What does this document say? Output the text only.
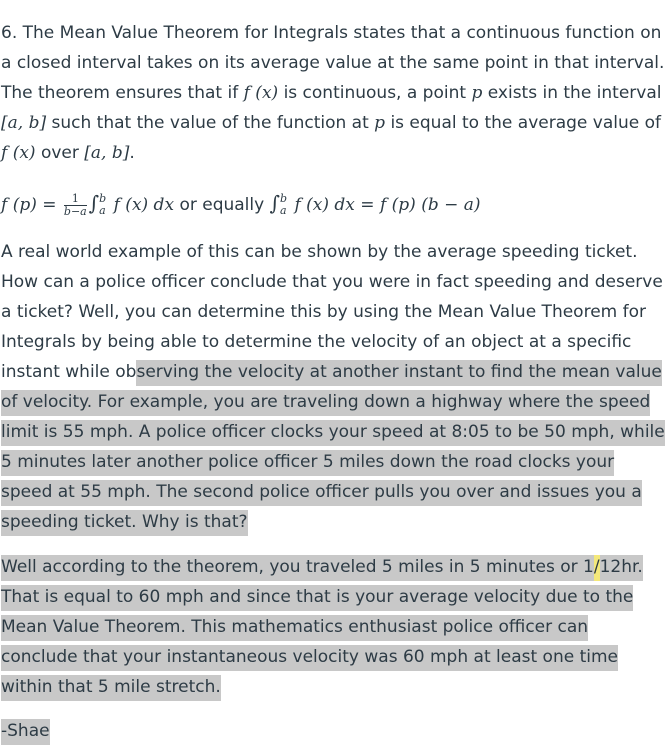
6. The Mean Value Theorem for Integrals states that a continuous function on a closed interval takes on its average value at the same point in that interval. The theorem ensures that if f (x) is continuous, a point p exists in the interval [a, b] such that the value of the function at p is equal to the average value of f (x) over [a, b].

f $(p) = \frac{1}{b-a}$ ∫ b
a f (x) dx or equally ∫ b
a f (x) dx = f (p) (b − a)

A real world example of this can be shown by the average speeding ticket. How can a police officer conclude that you were in fact speeding and deserve a ticket? Well, you can determine this by using the Mean Value Theorem for Integrals by being able to determine the velocity of an object at a specific instant while observing the velocity at another instant to find the mean value of velocity. For example, you are traveling down a highway where the speed limit is 55 mph. A police officer clocks your speed at 8:05 to be 50 mph, while 5 minutes later another police officer 5 miles down the road clocks your speed at 55 mph. The second police officer pulls you over and issues you a speeding ticket. Why is that?

Well according to the theorem, you traveled 5 miles in 5 minutes or 1/12hr. That is equal to 60 mph and since that is your average velocity due to the Mean Value Theorem. This mathematics enthusiast police officer can conclude that your instantaneous velocity was 60 mph at least one time within that 5 mile stretch.

-Shae
